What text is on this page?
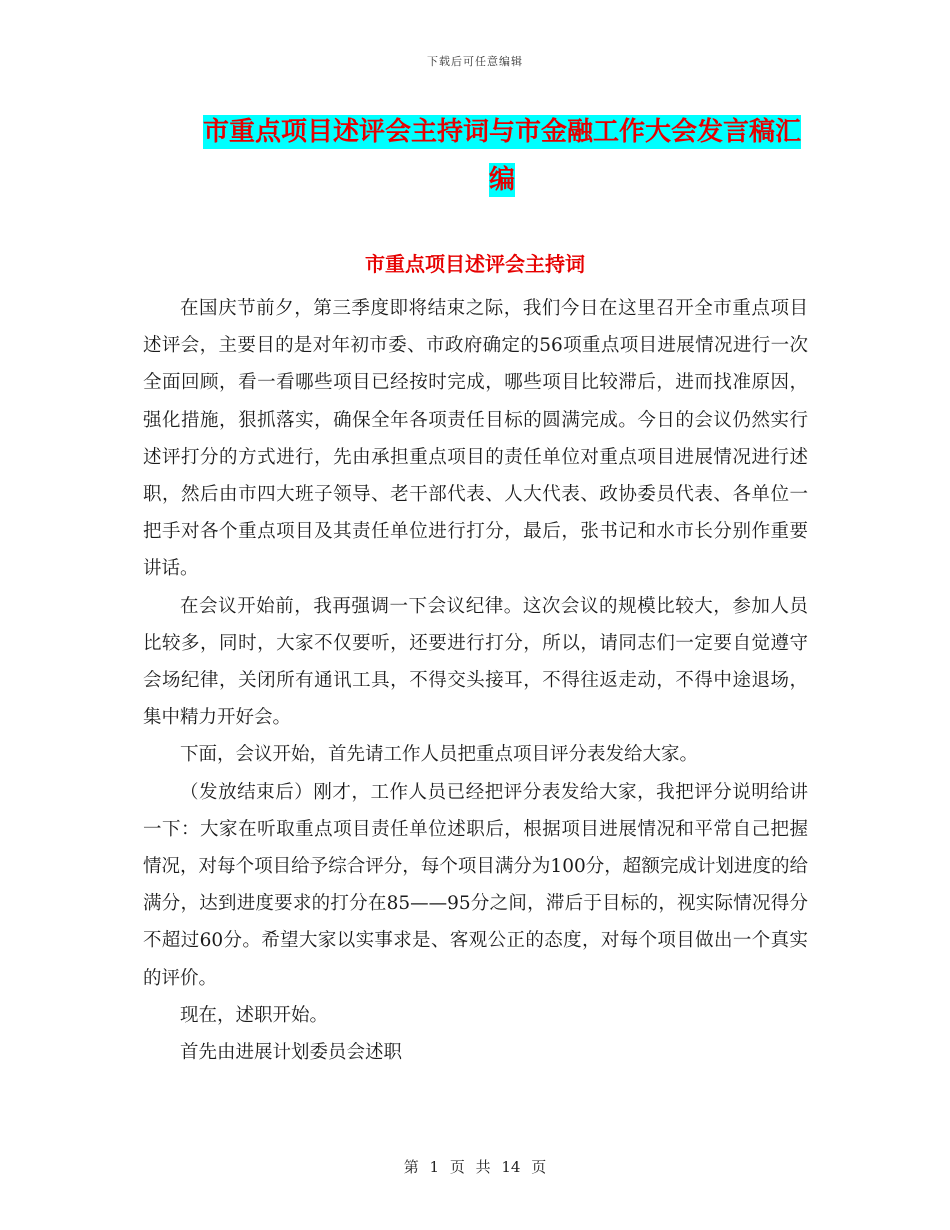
下载后可任意编辑
市重点项目述评会主持词与市金融工作大会发言稿汇编
市重点项目述评会主持词

在国庆节前夕，第三季度即将结束之际，我们今日在这里召开全市重点项目述评会，主要目的是对年初市委、市政府确定的56项重点项目进展情况进行一次全面回顾，看一看哪些项目已经按时完成，哪些项目比较滞后，进而找准原因，强化措施，狠抓落实，确保全年各项责任目标的圆满完成。今日的会议仍然实行述评打分的方式进行，先由承担重点项目的责任单位对重点项目进展情况进行述职，然后由市四大班子领导、老干部代表、人大代表、政协委员代表、各单位一把手对各个重点项目及其责任单位进行打分，最后，张书记和水市长分别作重要讲话。

在会议开始前，我再强调一下会议纪律。这次会议的规模比较大，参加人员比较多，同时，大家不仅要听，还要进行打分，所以，请同志们一定要自觉遵守会场纪律，关闭所有通讯工具，不得交头接耳，不得往返走动，不得中途退场，集中精力开好会。

下面，会议开始，首先请工作人员把重点项目评分表发给大家。

（发放结束后）刚才，工作人员已经把评分表发给大家，我把评分说明给讲一下：大家在听取重点项目责任单位述职后，根据项目进展情况和平常自己把握情况，对每个项目给予综合评分，每个项目满分为100分，超额完成计划进度的给满分，达到进度要求的打分在85——95分之间，滞后于目标的，视实际情况得分不超过60分。希望大家以实事求是、客观公正的态度，对每个项目做出一个真实的评价。

现在，述职开始。

首先由进展计划委员会述职

第 1 页 共 14 页
